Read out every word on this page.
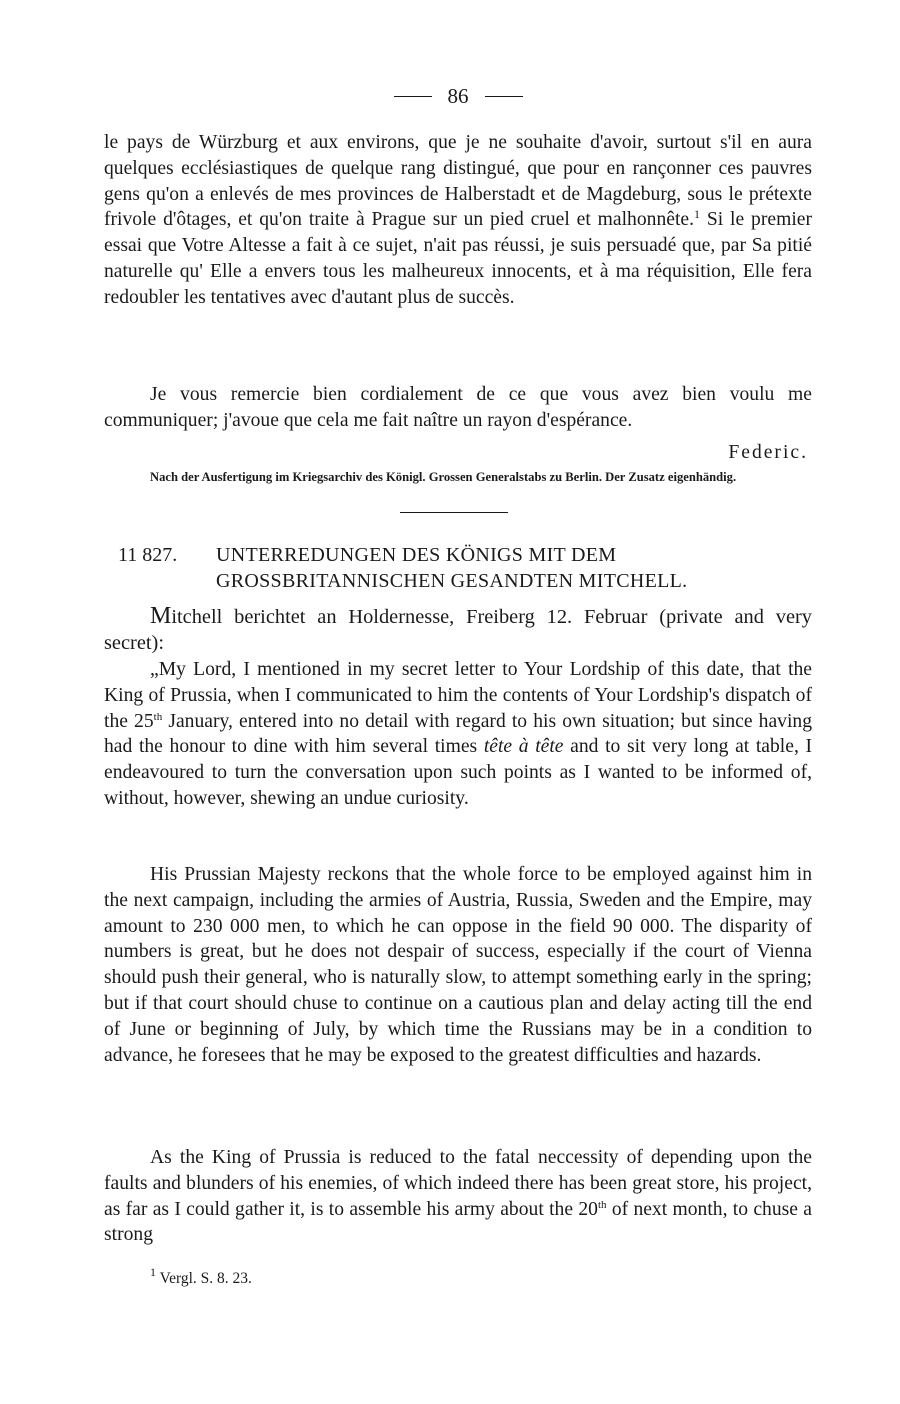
86

le pays de Würzburg et aux environs, que je ne souhaite d'avoir, surtout s'il en aura quelques ecclésiastiques de quelque rang distingué, que pour en rançonner ces pauvres gens qu'on a enlevés de mes provinces de Halberstadt et de Magdeburg, sous le prétexte frivole d'ôtages, et qu'on traite à Prague sur un pied cruel et malhonnête.$^1$ Si le premier essai que Votre Altesse a fait à ce sujet, n'ait pas réussi, je suis persuadé que, par Sa pitié naturelle qu' Elle a envers tous les malheureux innocents, et à ma réquisition, Elle fera redoubler les tentatives avec d'autant plus de succès.

Je vous remercie bien cordialement de ce que vous avez bien voulu me communiquer; j'avoue que cela me fait naître un rayon d'espérance.

Federic.

Nach der Ausfertigung im Kriegsarchiv des Königl. Grossen Generalstabs zu Berlin. Der Zusatz eigenhändig.

11 827.	UNTERREDUNGEN DES KÖNIGS MIT DEM GROSSBRITANNISCHEN GESANDTEN MITCHELL.

Mitchell berichtet an Holdernesse, Freiberg 12. Februar (private and very secret):

„My Lord, I mentioned in my secret letter to Your Lordship of this date, that the King of Prussia, when I communicated to him the contents of Your Lordship's dispatch of the 25th January, entered into no detail with regard to his own situation; but since having had the honour to dine with him several times tête à tête and to sit very long at table, I endeavoured to turn the conversation upon such points as I wanted to be informed of, without, however, shewing an undue curiosity.

His Prussian Majesty reckons that the whole force to be employed against him in the next campaign, including the armies of Austria, Russia, Sweden and the Empire, may amount to 230 000 men, to which he can oppose in the field 90 000. The disparity of numbers is great, but he does not despair of success, especially if the court of Vienna should push their general, who is naturally slow, to attempt something early in the spring; but if that court should chuse to continue on a cautious plan and delay acting till the end of June or beginning of July, by which time the Russians may be in a condition to advance, he foresees that he may be exposed to the greatest difficulties and hazards.

As the King of Prussia is reduced to the fatal neccessity of depending upon the faults and blunders of his enemies, of which indeed there has been great store, his project, as far as I could gather it, is to assemble his army about the 20th of next month, to chuse a strong

$^1$ Vergl. S. 8. 23.
